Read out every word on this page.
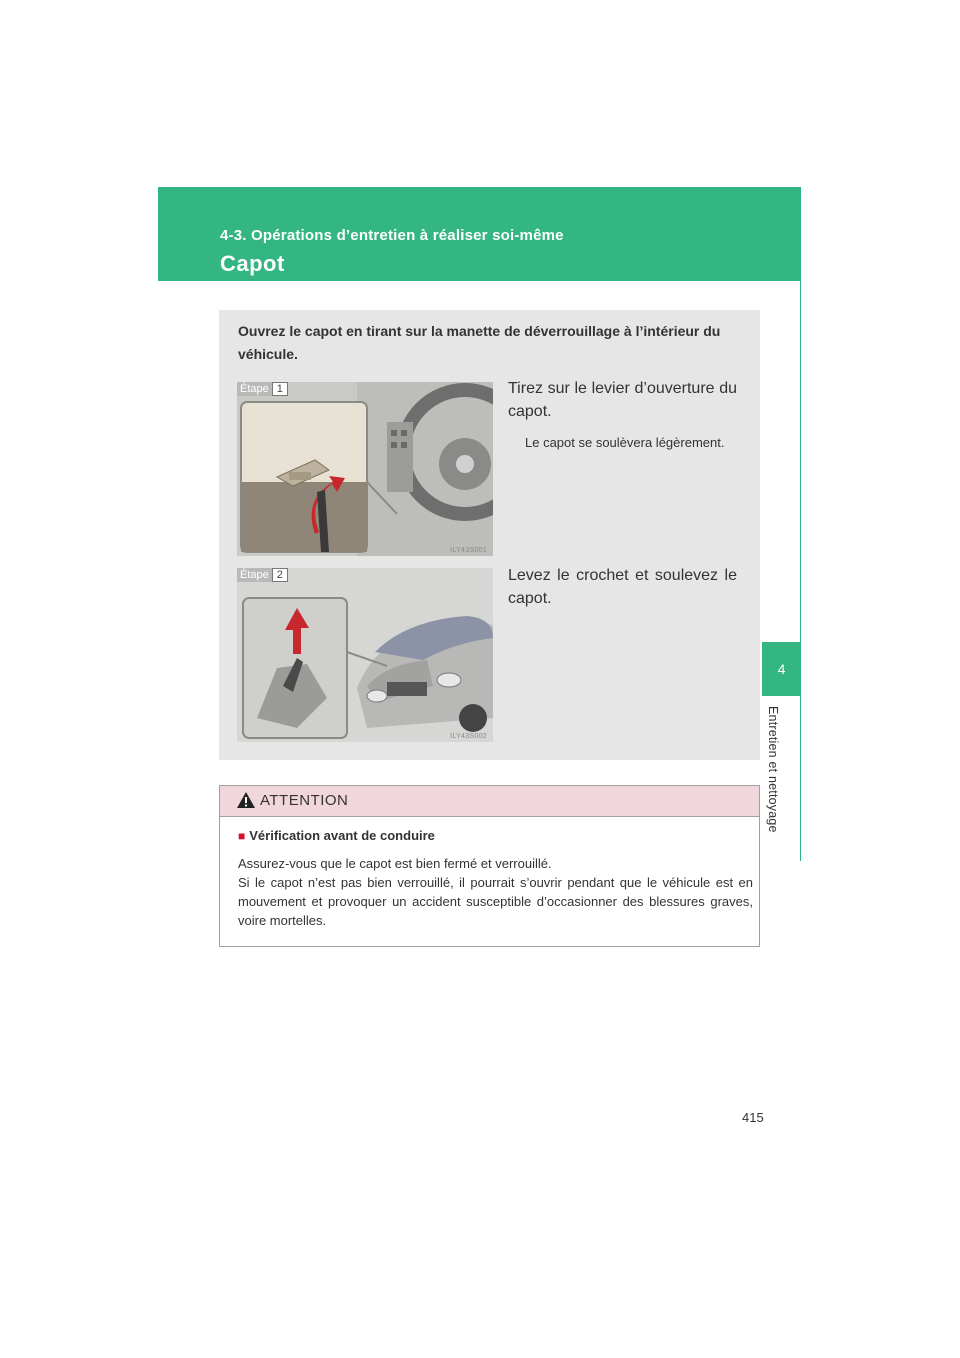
4-3. Opérations d’entretien à réaliser soi-même
Capot
4
Entretien et nettoyage
Ouvrez le capot en tirant sur la manette de déverrouillage à l’intérieur du véhicule.
Étape 1
ILY43S001
Tirez sur le levier d’ouverture du capot.
Le capot se soulèvera légèrement.
Étape 2
ILY43S002
Levez le crochet et soulevez le capot.
ATTENTION
■ Vérification avant de conduire
Assurez-vous que le capot est bien fermé et verrouillé.
Si le capot n’est pas bien verrouillé, il pourrait s’ouvrir pendant que le véhicule est en mouvement et provoquer un accident susceptible d’occasionner des blessures graves, voire mortelles.
415
